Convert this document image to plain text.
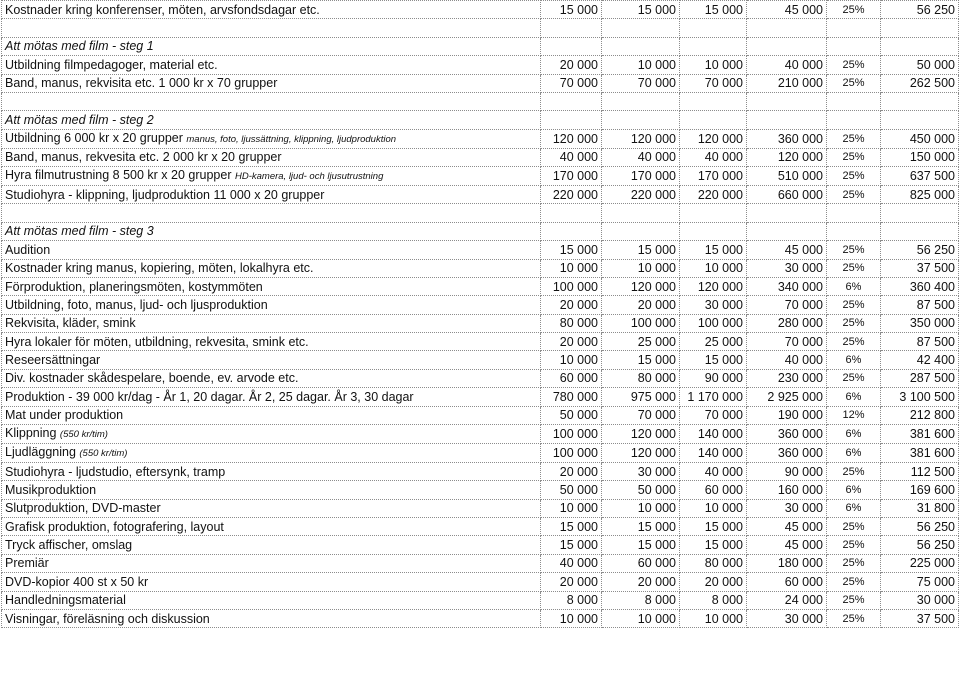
Kostnader kring konferenser, möten, arvsfondsdagar etc.	15 000	15 000	15 000	45 000	25%	56 250

Att mötas med film - steg 1						
Utbildning filmpedagoger, material etc.	20 000	10 000	10 000	40 000	25%	50 000
Band, manus, rekvisita etc. 1 000 kr x 70 grupper	70 000	70 000	70 000	210 000	25%	262 500

Att mötas med film - steg 2						
Utbildning 6 000 kr x 20 grupper manus, foto, ljussättning, klippning, ljudproduktion	120 000	120 000	120 000	360 000	25%	450 000
Band, manus, rekvesita etc. 2 000 kr x 20 grupper	40 000	40 000	40 000	120 000	25%	150 000
Hyra filmutrustning 8 500 kr x 20 grupper HD-kamera, ljud- och ljusutrustning	170 000	170 000	170 000	510 000	25%	637 500
Studiohyra - klippning, ljudproduktion 11 000 x 20 grupper	220 000	220 000	220 000	660 000	25%	825 000

Att mötas med film - steg 3						
Audition	15 000	15 000	15 000	45 000	25%	56 250
Kostnader kring manus, kopiering, möten, lokalhyra etc.	10 000	10 000	10 000	30 000	25%	37 500
Förproduktion, planeringsmöten, kostymmöten	100 000	120 000	120 000	340 000	6%	360 400
Utbildning, foto, manus, ljud- och ljusproduktion	20 000	20 000	30 000	70 000	25%	87 500
Rekvisita, kläder, smink	80 000	100 000	100 000	280 000	25%	350 000
Hyra lokaler för möten, utbildning, rekvesita, smink etc.	20 000	25 000	25 000	70 000	25%	87 500
Reseersättningar	10 000	15 000	15 000	40 000	6%	42 400
Div. kostnader skådespelare, boende, ev. arvode etc.	60 000	80 000	90 000	230 000	25%	287 500
Produktion - 39 000 kr/dag - År 1, 20 dagar. År 2, 25 dagar. År 3, 30 dagar	780 000	975 000	1 170 000	2 925 000	6%	3 100 500
Mat under produktion	50 000	70 000	70 000	190 000	12%	212 800
Klippning (550 kr/tim)	100 000	120 000	140 000	360 000	6%	381 600
Ljudläggning (550 kr/tim)	100 000	120 000	140 000	360 000	6%	381 600
Studiohyra - ljudstudio, eftersynk, tramp	20 000	30 000	40 000	90 000	25%	112 500
Musikproduktion	50 000	50 000	60 000	160 000	6%	169 600
Slutproduktion, DVD-master	10 000	10 000	10 000	30 000	6%	31 800
Grafisk produktion, fotografering, layout	15 000	15 000	15 000	45 000	25%	56 250
Tryck affischer, omslag	15 000	15 000	15 000	45 000	25%	56 250
Premiär	40 000	60 000	80 000	180 000	25%	225 000
DVD-kopior 400 st x 50 kr	20 000	20 000	20 000	60 000	25%	75 000
Handledningsmaterial	8 000	8 000	8 000	24 000	25%	30 000
Visningar, föreläsning och diskussion	10 000	10 000	10 000	30 000	25%	37 500
